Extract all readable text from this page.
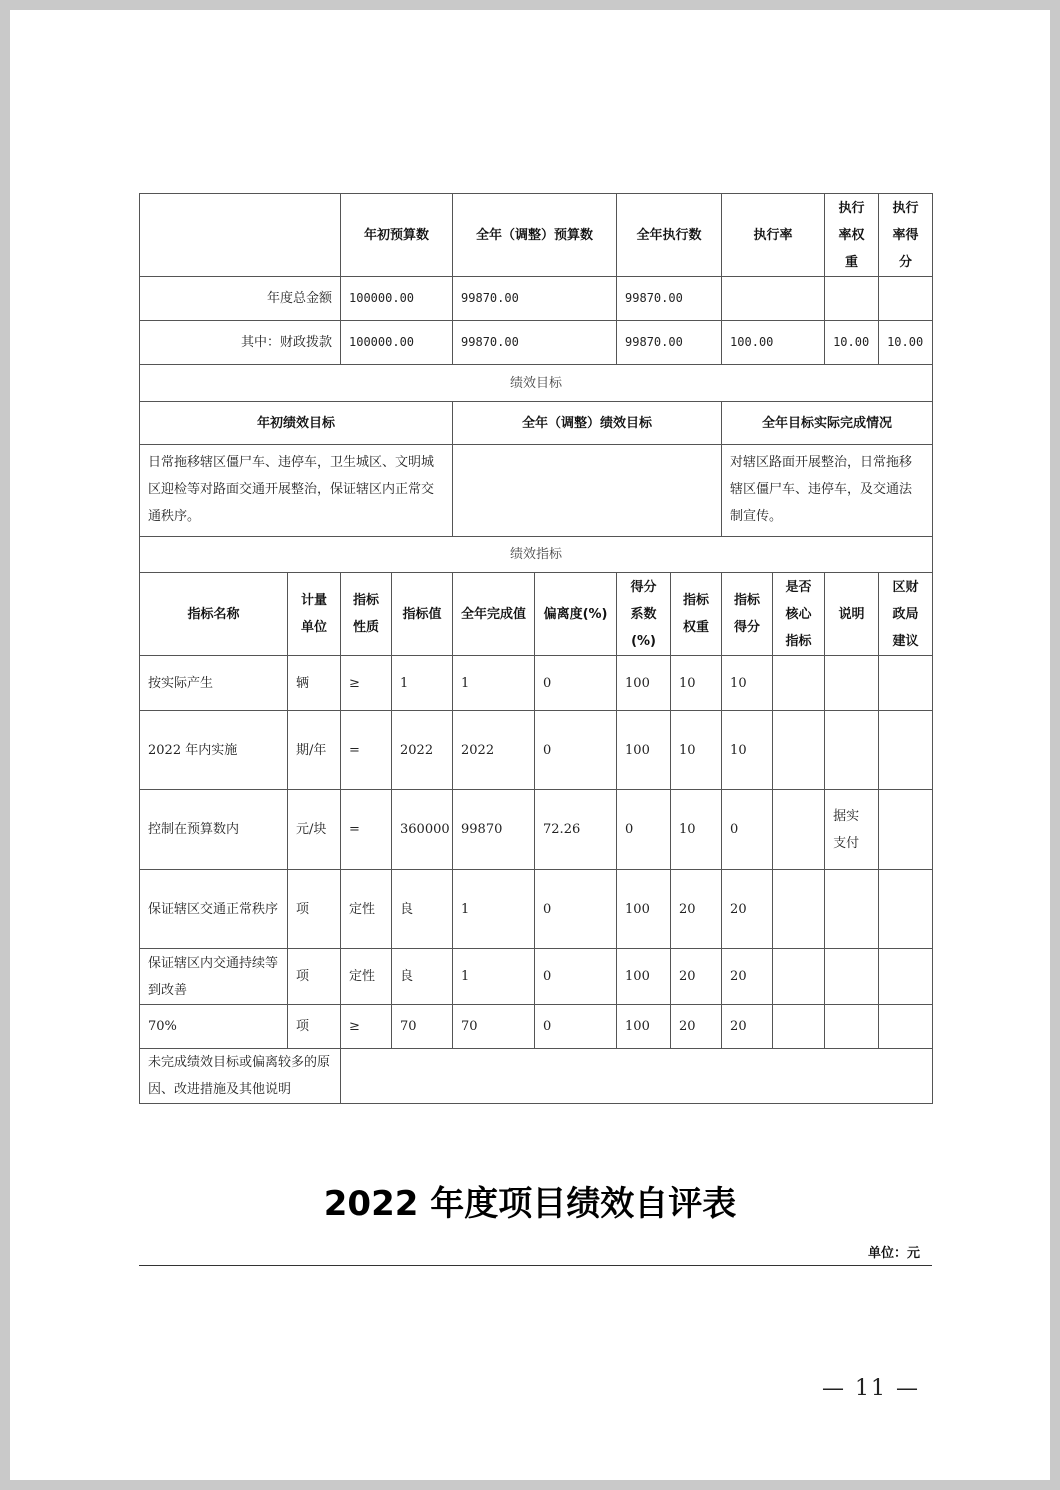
		年初预算数		全年（调整）预算数		全年执行数		执行率		执行率权重	执行率得分
年度总金额		100000.00		99870.00		99870.00					
其中：财政拨款		100000.00		99870.00		99870.00		100.00		10.00	10.00
绩效目标											
年初绩效目标				全年（调整）绩效目标				全年目标实际完成情况			
日常拖移辖区僵尸车、违停车，卫生城区、文明城区迎检等对路面交通开展整治，保证辖区内正常交通秩序。								对辖区路面开展整治，日常拖移辖区僵尸车、违停车，及交通法制宣传。			
绩效指标											
指标名称	计量单位	指标性质	指标值	全年完成值	偏离度(%)	得分系数(%)	指标权重	指标得分	是否核心指标	说明	区财政局建议
按实际产生	辆	≥	1	1	0	100	10	10			
2022 年内实施	期/年	=	2022	2022	0	100	10	10			
控制在预算数内	元/块	=	360000	99870	72.26	0	10	0		据实支付	
保证辖区交通正常秩序	项	定性	良	1	0	100	20	20			
保证辖区内交通持续等到改善	项	定性	良	1	0	100	20	20			
70%	项	≥	70	70	0	100	20	20			
未完成绩效目标或偏离较多的原因、改进措施及其他说明											
2022 年度项目绩效自评表
单位：元
— 11 —
